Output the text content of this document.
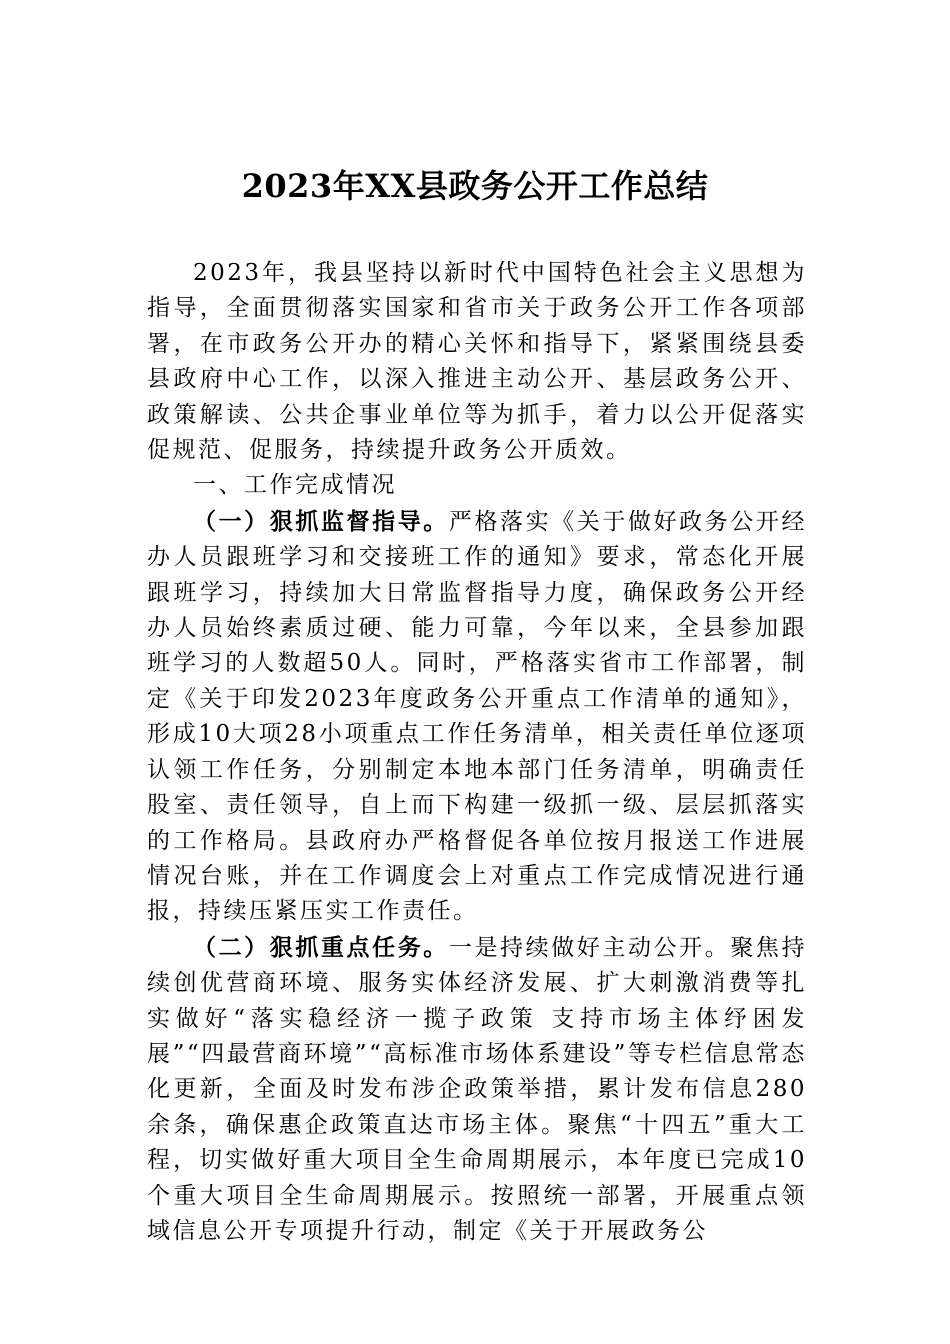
2023年XX县政务公开工作总结

2023年，我县坚持以新时代中国特色社会主义思想为指导，全面贯彻落实国家和省市关于政务公开工作各项部署，在市政务公开办的精心关怀和指导下，紧紧围绕县委县政府中心工作，以深入推进主动公开、基层政务公开、政策解读、公共企事业单位等为抓手，着力以公开促落实促规范、促服务，持续提升政务公开质效。

一、工作完成情况

（一）狠抓监督指导。严格落实《关于做好政务公开经办人员跟班学习和交接班工作的通知》要求，常态化开展跟班学习，持续加大日常监督指导力度，确保政务公开经办人员始终素质过硬、能力可靠，今年以来，全县参加跟班学习的人数超50人。同时，严格落实省市工作部署，制定《关于印发2023年度政务公开重点工作清单的通知》，形成10大项28小项重点工作任务清单，相关责任单位逐项认领工作任务，分别制定本地本部门任务清单，明确责任股室、责任领导，自上而下构建一级抓一级、层层抓落实的工作格局。县政府办严格督促各单位按月报送工作进展情况台账，并在工作调度会上对重点工作完成情况进行通报，持续压紧压实工作责任。

（二）狠抓重点任务。一是持续做好主动公开。聚焦持续创优营商环境、服务实体经济发展、扩大刺激消费等扎实做好“落实稳经济一揽子政策 支持市场主体纾困发展”“四最营商环境”“高标准市场体系建设”等专栏信息常态化更新，全面及时发布涉企政策举措，累计发布信息280余条，确保惠企政策直达市场主体。聚焦“十四五”重大工程，切实做好重大项目全生命周期展示，本年度已完成10个重大项目全生命周期展示。按照统一部署，开展重点领域信息公开专项提升行动，制定《关于开展政务公
